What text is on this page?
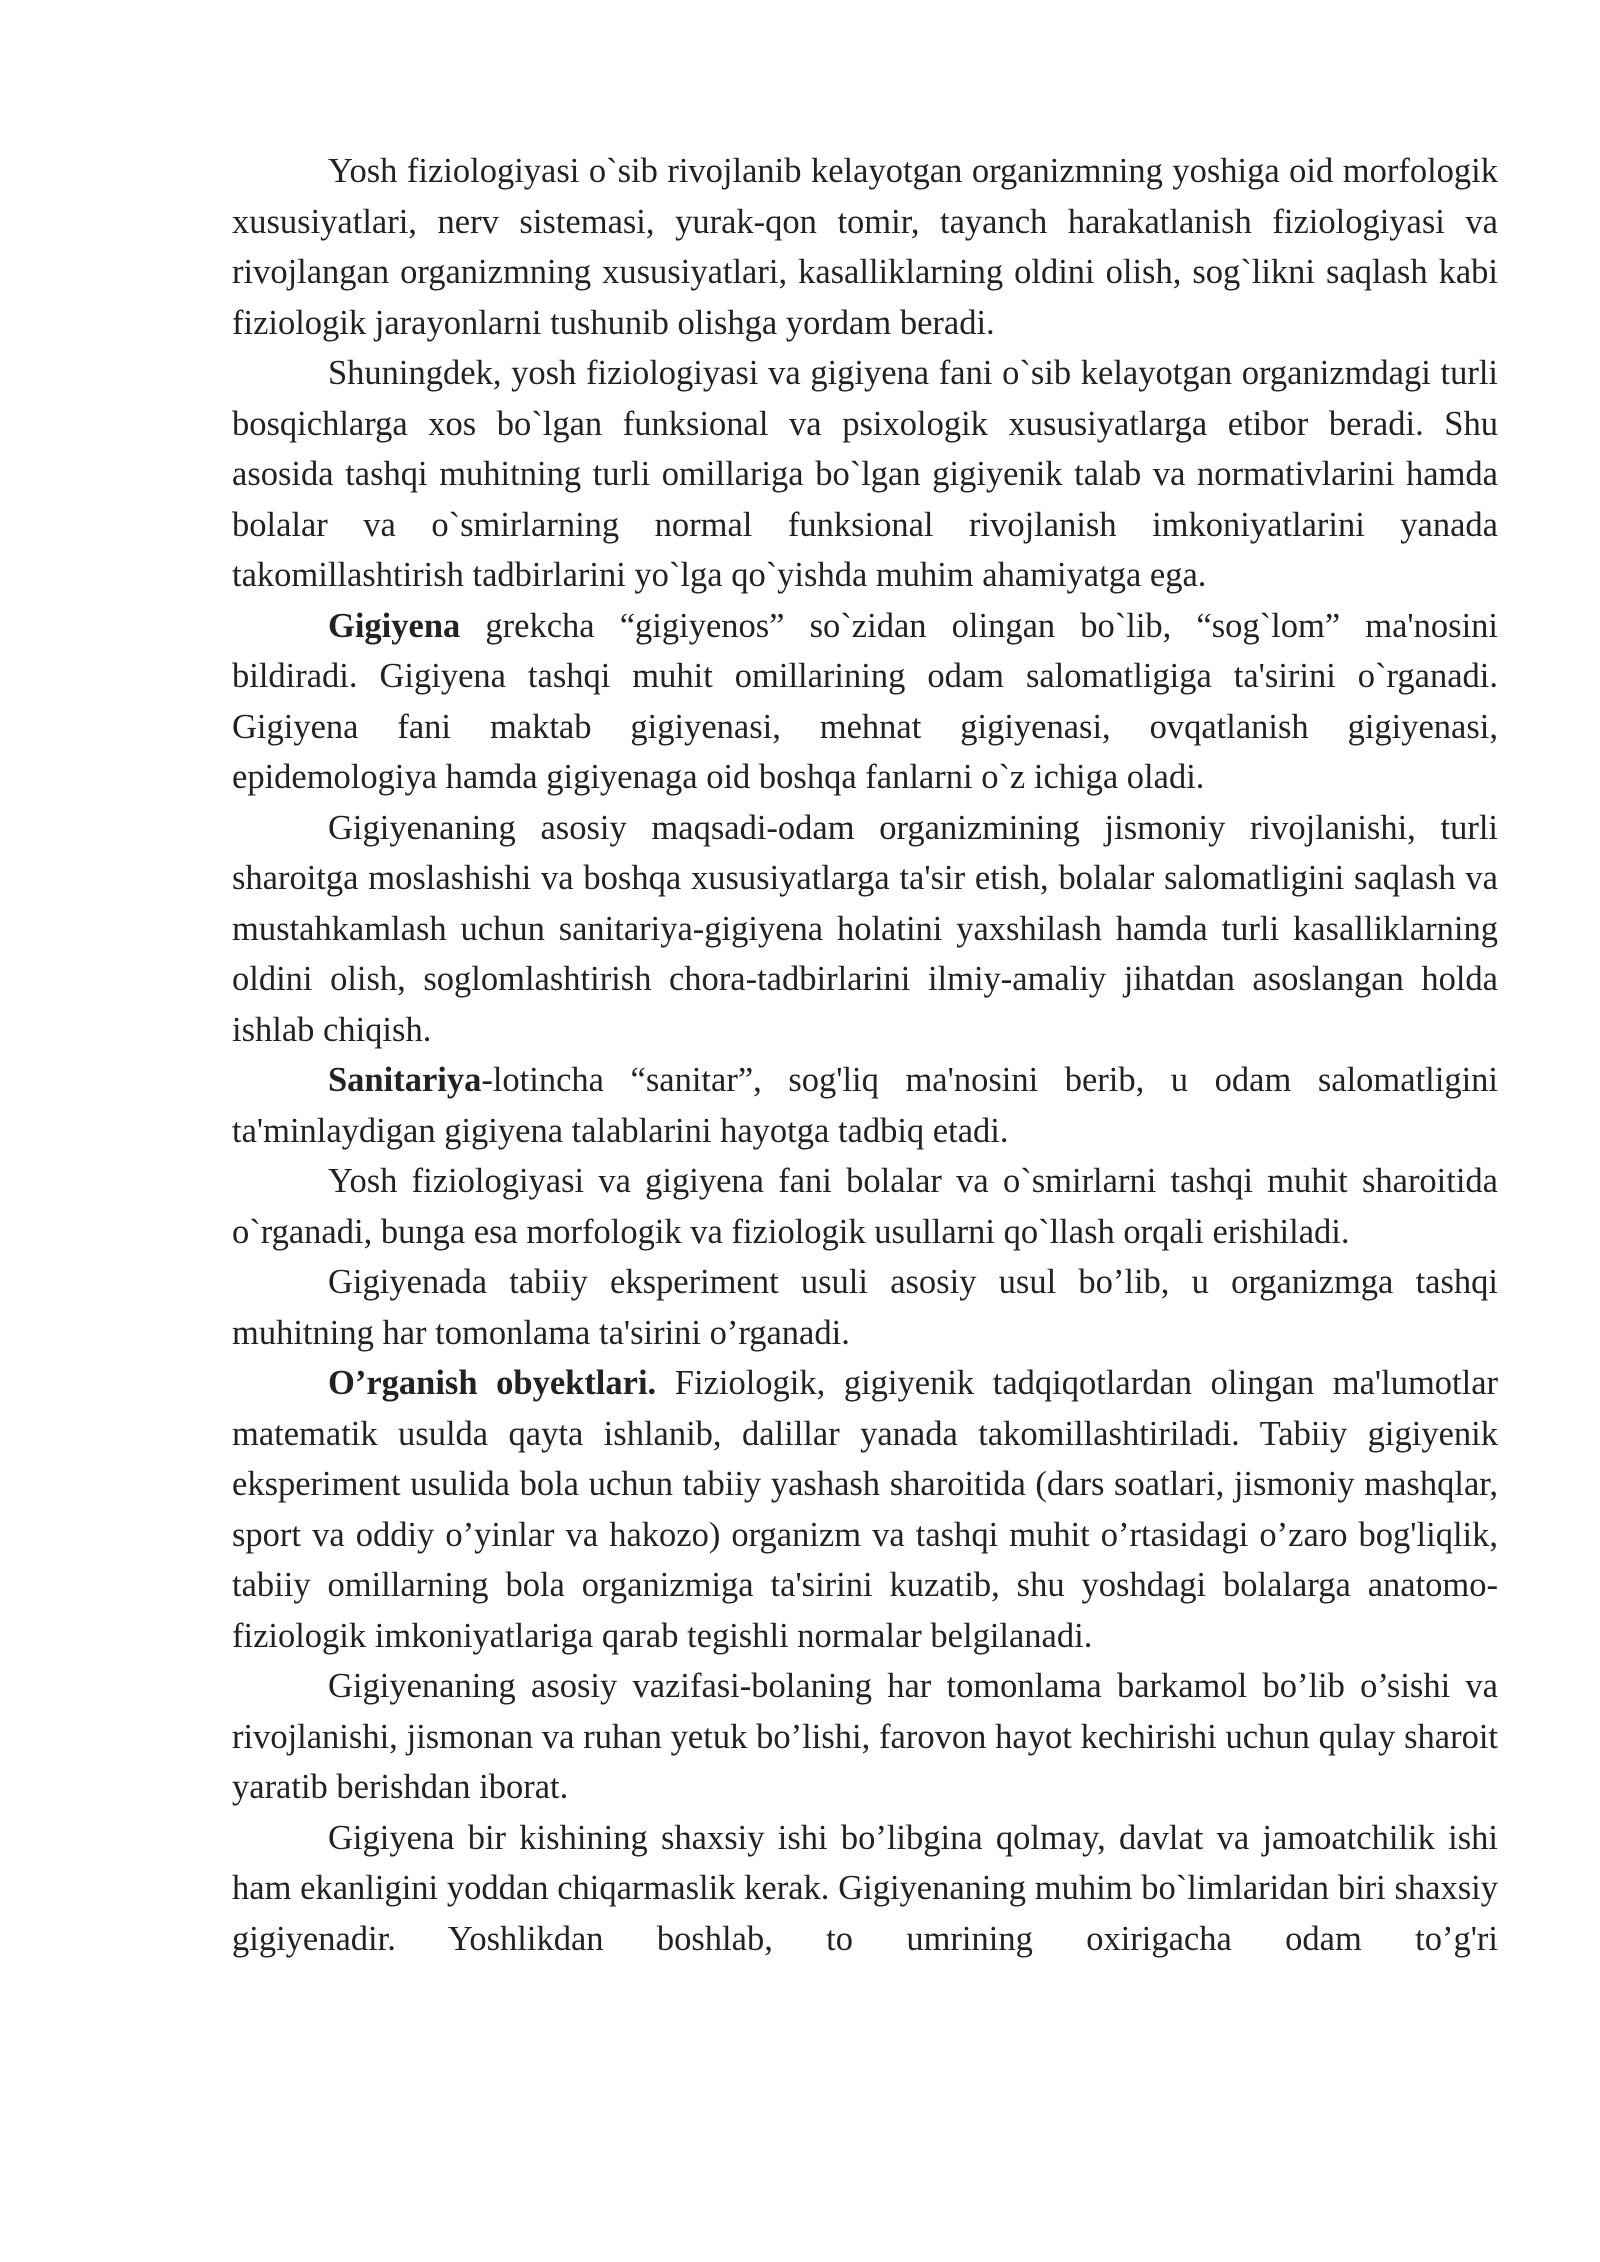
Yosh fiziologiyasi o`sib rivojlanib kelayotgan organizmning yoshiga oid morfologik xususiyatlari, nerv sistemasi, yurak-qon tomir, tayanch harakatlanish fiziologiyasi va rivojlangan organizmning xususiyatlari, kasalliklarning oldini olish, sog`likni saqlash kabi fiziologik jarayonlarni tushunib olishga yordam beradi.

Shuningdek, yosh fiziologiyasi va gigiyena fani o`sib kelayotgan organizmdagi turli bosqichlarga xos bo`lgan funksional va psixologik xususiyatlarga etibor beradi. Shu asosida tashqi muhitning turli omillariga bo`lgan gigiyenik talab va normativlarini hamda bolalar va o`smirlarning normal funksional rivojlanish imkoniyatlarini yanada takomillashtirish tadbirlarini yo`lga qo`yishda muhim ahamiyatga ega.

Gigiyena grekcha “gigiyenos” so`zidan olingan bo`lib, “sog`lom” ma'nosini bildiradi. Gigiyena tashqi muhit omillarining odam salomatligiga ta'sirini o`rganadi. Gigiyena fani maktab gigiyenasi, mehnat gigiyenasi, ovqatlanish gigiyenasi, epidemologiya hamda gigiyenaga oid boshqa fanlarni o`z ichiga oladi.

Gigiyenaning asosiy maqsadi-odam organizmining jismoniy rivojlanishi, turli sharoitga moslashishi va boshqa xususiyatlarga ta'sir etish, bolalar salomatligini saqlash va mustahkamlash uchun sanitariya-gigiyena holatini yaxshilash hamda turli kasalliklarning oldini olish, soglomlashtirish chora-tadbirlarini ilmiy-amaliy jihatdan asoslangan holda ishlab chiqish.

Sanitariya-lotincha “sanitar”, sog'liq ma'nosini berib, u odam salomatligini ta'minlaydigan gigiyena talablarini hayotga tadbiq etadi.

Yosh fiziologiyasi va gigiyena fani bolalar va o`smirlarni tashqi muhit sharoitida o`rganadi, bunga esa morfologik va fiziologik usullarni qo`llash orqali erishiladi.

Gigiyenada tabiiy eksperiment usuli asosiy usul bo’lib, u organizmga tashqi muhitning har tomonlama ta'sirini o’rganadi.

O’rganish obyektlari. Fiziologik, gigiyenik tadqiqotlardan olingan ma'lumotlar matematik usulda qayta ishlanib, dalillar yanada takomillashtiriladi. Tabiiy gigiyenik eksperiment usulida bola uchun tabiiy yashash sharoitida (dars soatlari, jismoniy mashqlar, sport va oddiy o’yinlar va hakozo) organizm va tashqi muhit o’rtasidagi o’zaro bog'liqlik, tabiiy omillarning bola organizmiga ta'sirini kuzatib, shu yoshdagi bolalarga anatomo-fiziologik imkoniyatlariga qarab tegishli normalar belgilanadi.

Gigiyenaning asosiy vazifasi-bolaning har tomonlama barkamol bo’lib o’sishi va rivojlanishi, jismonan va ruhan yetuk bo’lishi, farovon hayot kechirishi uchun qulay sharoit yaratib berishdan iborat.

Gigiyena bir kishining shaxsiy ishi bo’libgina qolmay, davlat va jamoatchilik ishi ham ekanligini yoddan chiqarmaslik kerak. Gigiyenaning muhim bo`limlaridan biri shaxsiy gigiyenadir. Yoshlikdan boshlab, to umrining oxirigacha odam to’g'ri
